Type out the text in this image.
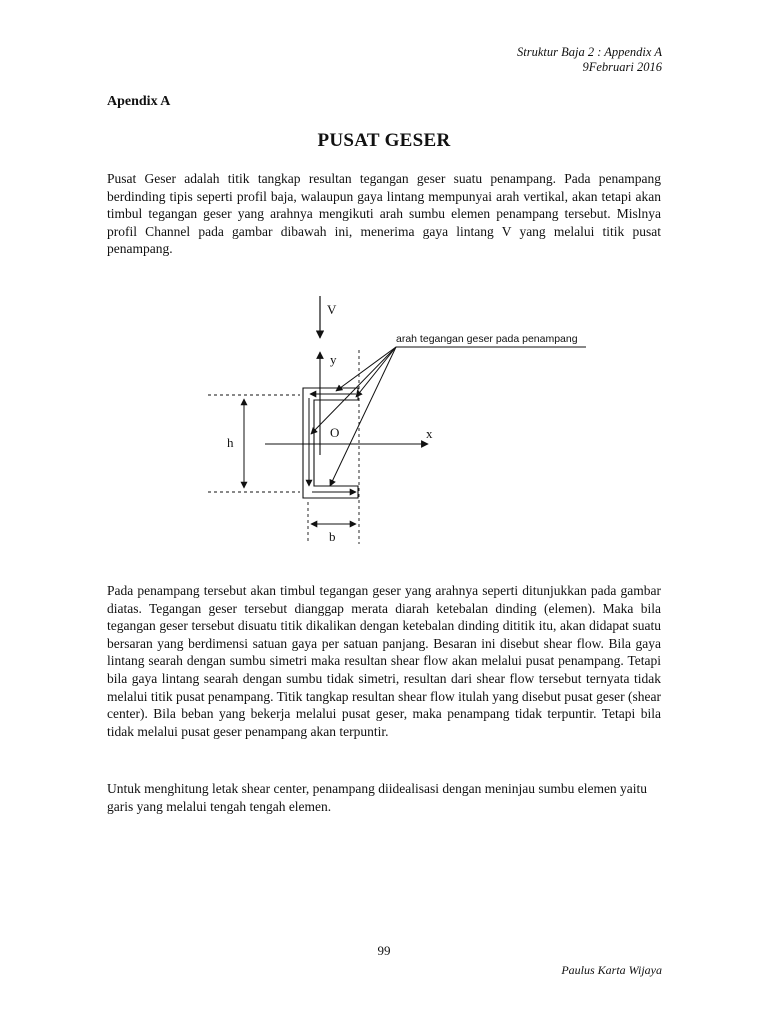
Struktur Baja 2 : Appendix A
9Februari 2016
Apendix A
PUSAT GESER
Pusat Geser adalah titik tangkap resultan tegangan geser suatu penampang. Pada penampang berdinding tipis seperti profil baja, walaupun gaya lintang mempunyai arah vertikal, akan tetapi akan timbul tegangan geser yang arahnya mengikuti arah sumbu elemen penampang tersebut. Mislnya profil Channel pada gambar dibawah ini, menerima gaya lintang V yang melalui titik pusat penampang.
V
y
x
O
h
b
arah tegangan geser pada penampang
Pada penampang tersebut akan timbul tegangan geser yang arahnya seperti ditunjukkan pada gambar diatas. Tegangan geser tersebut dianggap merata diarah ketebalan dinding (elemen). Maka bila tegangan geser tersebut disuatu titik dikalikan dengan ketebalan dinding dititik itu, akan didapat suatu bersaran yang berdimensi satuan gaya per satuan panjang. Besaran ini disebut shear flow. Bila gaya lintang searah dengan sumbu simetri maka resultan shear flow akan melalui pusat penampang. Tetapi bila gaya lintang searah dengan sumbu tidak simetri, resultan dari shear flow tersebut ternyata tidak melalui titik pusat penampang. Titik tangkap resultan shear flow itulah yang disebut pusat geser (shear center). Bila beban yang bekerja melalui pusat geser, maka penampang tidak terpuntir. Tetapi bila tidak melalui pusat geser penampang akan terpuntir.
Untuk menghitung letak shear center, penampang diidealisasi dengan meninjau sumbu elemen yaitu garis yang melalui tengah tengah elemen.
99
Paulus Karta Wijaya
